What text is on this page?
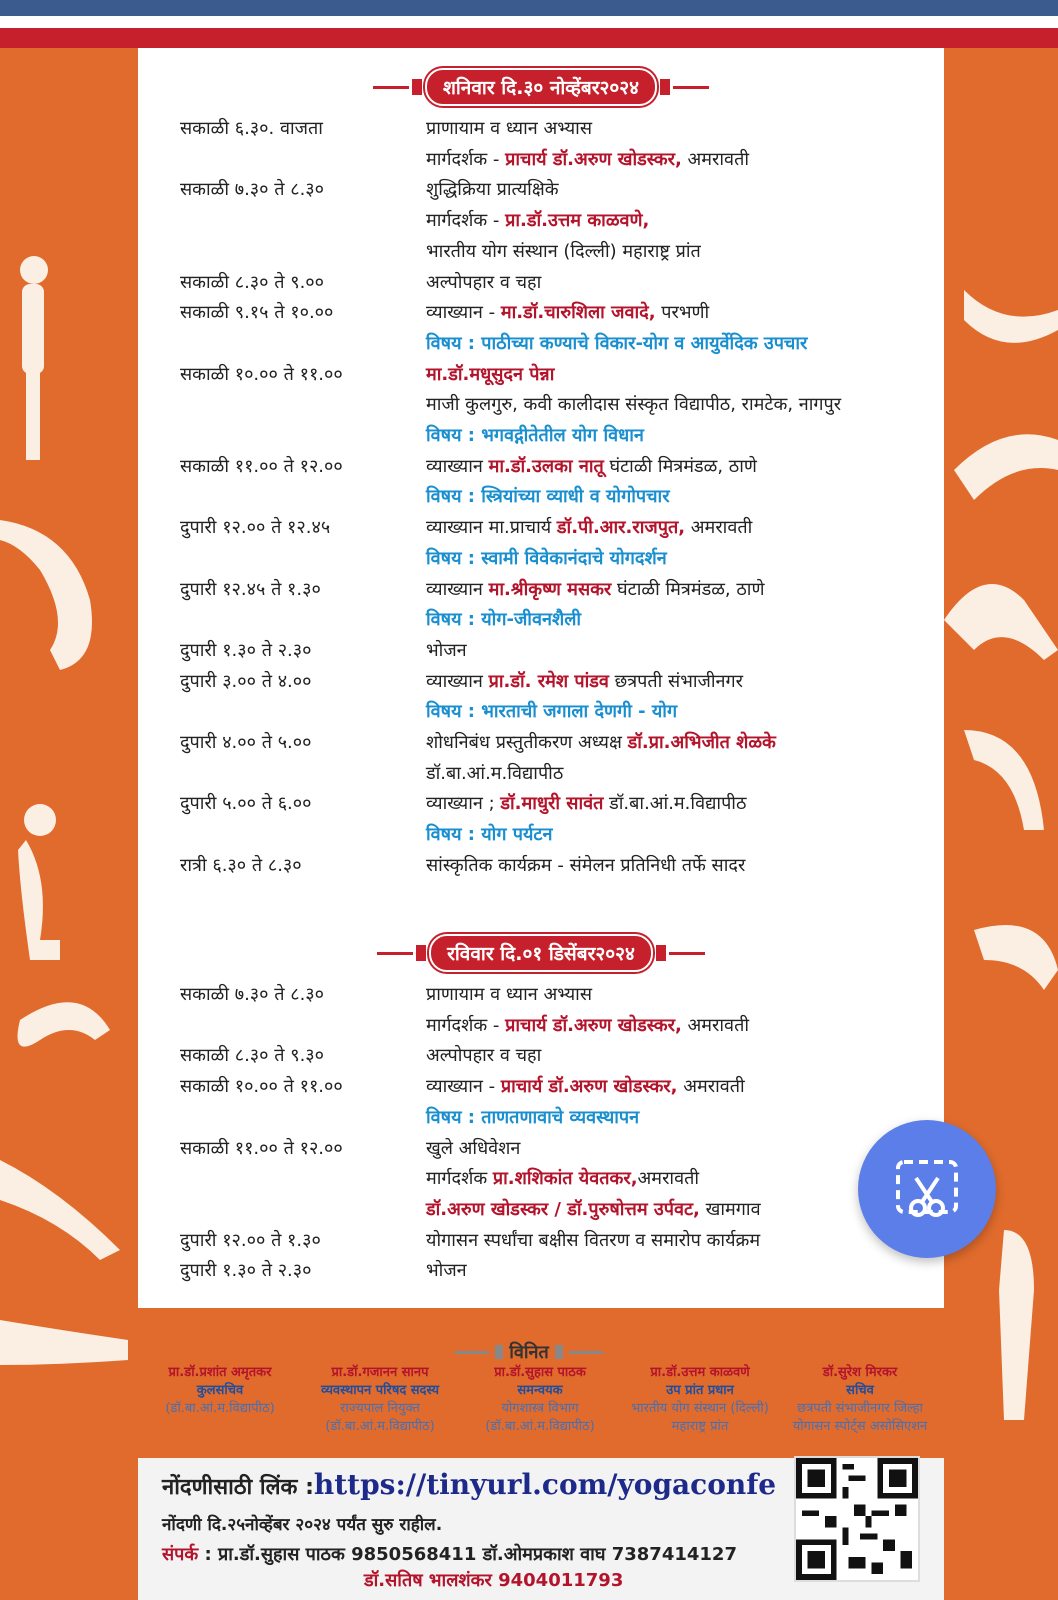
शनिवार दि.३० नोव्हेंबर२०२४
सकाळी ६.३०. वाजता	प्राणायाम व ध्यान अभ्यास
मार्गदर्शक - प्राचार्य डॉ.अरुण खोडस्कर, अमरावती
सकाळी ७.३० ते ८.३०	शुद्धिक्रिया प्रात्यक्षिके
मार्गदर्शक - प्रा.डॉ.उत्तम काळवणे,
भारतीय योग संस्थान (दिल्ली) महाराष्ट्र प्रांत
सकाळी ८.३० ते ९.००	अल्पोपहार व चहा
सकाळी ९.१५ ते १०.००	व्याख्यान - मा.डॉ.चारुशिला जवादे, परभणी
विषय : पाठीच्या कण्याचे विकार-योग व आयुर्वेदिक उपचार
सकाळी १०.०० ते ११.००	मा.डॉ.मधूसुदन पेन्ना
माजी कुलगुरु, कवी कालीदास संस्कृत विद्यापीठ, रामटेक, नागपुर
विषय : भगवद्गीतेतील योग विधान
सकाळी ११.०० ते १२.००	व्याख्यान मा.डॉ.उलका नातू घंटाळी मित्रमंडळ, ठाणे
विषय : स्त्रियांच्या व्याधी व योगोपचार
दुपारी १२.०० ते १२.४५	व्याख्यान मा.प्राचार्य डॉ.पी.आर.राजपुत, अमरावती
विषय : स्वामी विवेकानंदाचे योगदर्शन
दुपारी १२.४५ ते १.३०	व्याख्यान मा.श्रीकृष्ण मसकर घंटाळी मित्रमंडळ, ठाणे
विषय : योग-जीवनशैली
दुपारी १.३० ते २.३०	भोजन
दुपारी ३.०० ते ४.००	व्याख्यान प्रा.डॉ. रमेश पांडव छत्रपती संभाजीनगर
विषय : भारताची जगाला देणगी - योग
दुपारी ४.०० ते ५.००	शोधनिबंध प्रस्तुतीकरण अध्यक्ष डॉ.प्रा.अभिजीत शेळके
डॉ.बा.आं.म.विद्यापीठ
दुपारी ५.०० ते ६.००	व्याख्यान ; डॉ.माधुरी सावंत डॉ.बा.आं.म.विद्यापीठ
विषय : योग पर्यटन
रात्री ६.३० ते ८.३०	सांस्कृतिक कार्यक्रम - संमेलन प्रतिनिधी तर्फे सादर
रविवार दि.०१ डिसेंबर२०२४
सकाळी ७.३० ते ८.३०	प्राणायाम व ध्यान अभ्यास
मार्गदर्शक - प्राचार्य डॉ.अरुण खोडस्कर, अमरावती
सकाळी ८.३० ते ९.३०	अल्पोपहार व चहा
सकाळी १०.०० ते ११.००	व्याख्यान - प्राचार्य डॉ.अरुण खोडस्कर, अमरावती
विषय : ताणतणावाचे व्यवस्थापन
सकाळी ११.०० ते १२.००	खुले अधिवेशन
मार्गदर्शक प्रा.शशिकांत येवतकर,अमरावती
डॉ.अरुण खोडस्कर / डॉ.पुरुषोत्तम उर्पवट, खामगाव
दुपारी १२.०० ते १.३०	योगासन स्पर्धांचा बक्षीस वितरण व समारोप कार्यक्रम
दुपारी १.३० ते २.३०	भोजन
विनित
प्रा.डॉ.प्रशांत अमृतकर
कुलसचिव
(डॉ.बा.आं.म.विद्यापीठ)
प्रा.डॉ.गजानन सानप
व्यवस्थापन परिषद सदस्य
राज्यपाल नियुक्त (डॉ.बा.आं.म.विद्यापीठ)
प्रा.डॉ.सुहास पाठक
समन्वयक
योगशास्त्र विभाग (डॉ.बा.आं.म.विद्यापीठ)
प्रा.डॉ.उत्तम काळवणे
उप प्रांत प्रधान
भारतीय योग संस्थान (दिल्ली) महाराष्ट्र प्रांत
डॉ.सुरेश मिरकर
सचिव
छत्रपती संभाजीनगर जिल्हा योगासन स्पोर्ट्स असोसिएशन
नोंदणीसाठी लिंक :https://tinyurl.com/yogaconfe
नोंदणी दि.२५नोव्हेंबर २०२४ पर्यंत सुरु राहील.
संपर्क : प्रा.डॉ.सुहास पाठक 9850568411 डॉ.ओमप्रकाश वाघ 7387414127
डॉ.सतिष भालशंकर 9404011793
